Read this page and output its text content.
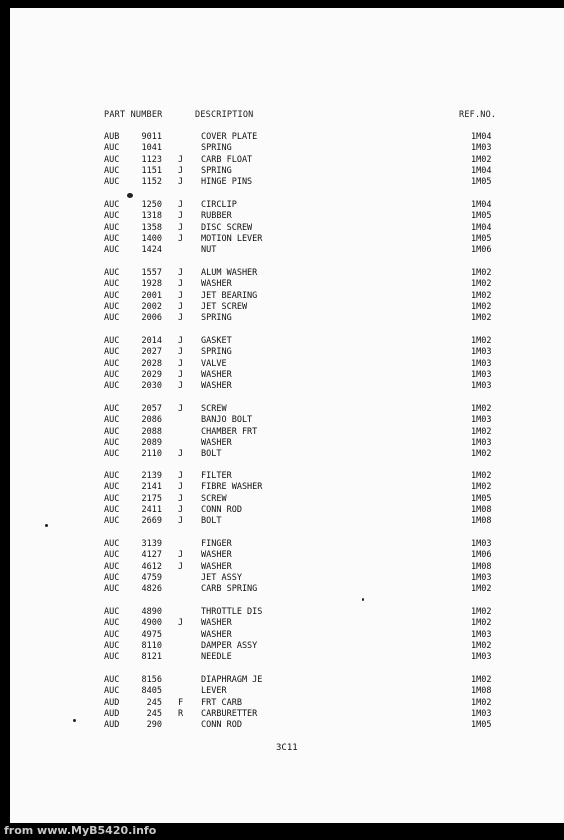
PART NUMBER	DESCRIPTION	REF.NO.
AUB	9011	COVER PLATE	1M04
AUC	1041	SPRING	1M03
AUC	1123 J CARB FLOAT	1M02
AUC	1151 J SPRING	1M04
AUC	1152 J HINGE PINS	1M05
AUC	1250 J CIRCLIP	1M04
AUC	1318 J RUBBER	1M05
AUC	1358 J DISC SCREW	1M04
AUC	1400 J MOTION LEVER	1M05
AUC	1424	NUT	1M06
AUC	1557 J ALUM WASHER	1M02
AUC	1928 J WASHER	1M02
AUC	2001 J JET BEARING	1M02
AUC	2002 J JET SCREW	1M02
AUC	2006 J SPRING	1M02
AUC	2014 J GASKET	1M02
AUC	2027 J SPRING	1M03
AUC	2028 J VALVE	1M03
AUC	2029 J WASHER	1M03
AUC	2030 J WASHER	1M03
AUC	2057 J SCREW	1M02
AUC	2086	BANJO BOLT	1M03
AUC	2088	CHAMBER FRT	1M02
AUC	2089	WASHER	1M03
AUC	2110 J BOLT	1M02
AUC	2139 J FILTER	1M02
AUC	2141 J FIBRE WASHER	1M02
AUC	2175 J SCREW	1M05
AUC	2411 J CONN ROD	1M08
AUC	2669 J BOLT	1M08
AUC	3139	FINGER	1M03
AUC	4127 J WASHER	1M06
AUC	4612 J WASHER	1M08
AUC	4759	JET ASSY	1M03
AUC	4826	CARB SPRING	1M02
AUC	4890	THROTTLE DIS	1M02
AUC	4900 J WASHER	1M02
AUC	4975	WASHER	1M03
AUC	8110	DAMPER ASSY	1M02
AUC	8121	NEEDLE	1M03
AUC	8156	DIAPHRAGM JE	1M02
AUC	8405	LEVER	1M08
AUD	245 F FRT CARB	1M02
AUD	245 R CARBURETTER	1M03
AUD	290	CONN ROD	1M05
3C11
from www.MyB5420.info
